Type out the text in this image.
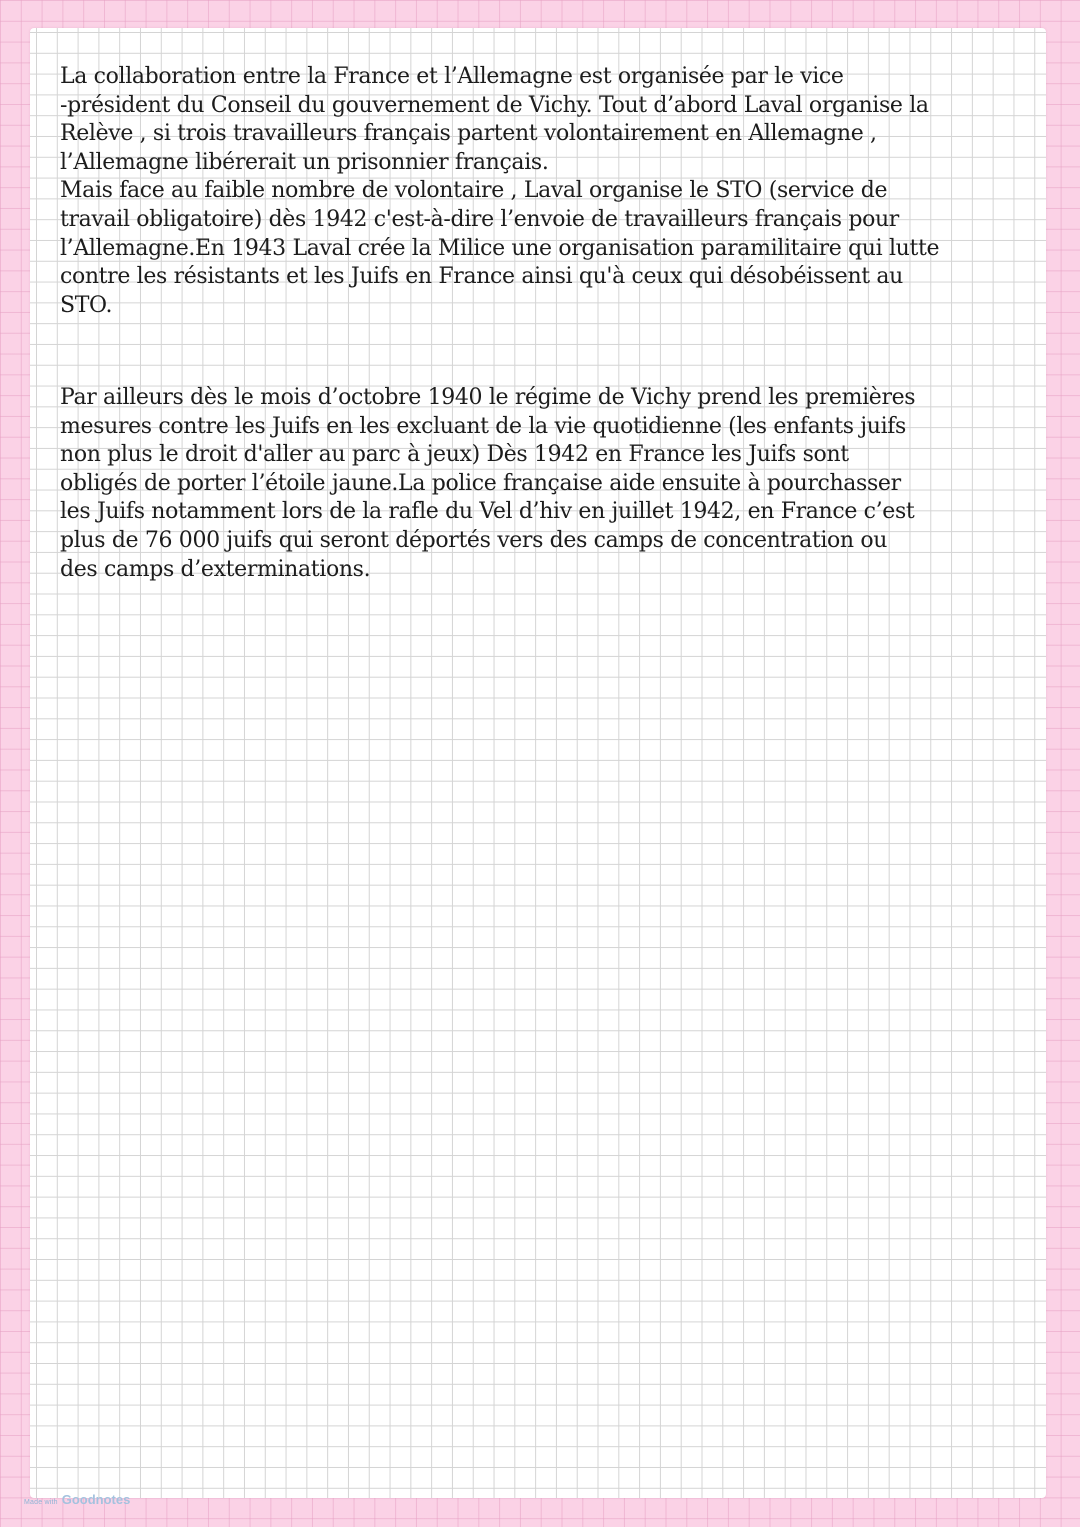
La collaboration entre la France et l’Allemagne est organisée par le vice
-président du Conseil du gouvernement de Vichy. Tout d’abord Laval organise la
Relève , si trois travailleurs français partent volontairement en Allemagne ,
l’Allemagne libérerait un prisonnier français.
Mais face au faible nombre de volontaire , Laval organise le STO (service de
travail obligatoire) dès 1942 c'est-à-dire l’envoie de travailleurs français pour
l’Allemagne.En 1943 Laval crée la Milice une organisation paramilitaire qui lutte
contre les résistants et les Juifs en France ainsi qu'à ceux qui désobéissent au
STO.

Par ailleurs dès le mois d’octobre 1940 le régime de Vichy prend les premières
mesures contre les Juifs en les excluant de la vie quotidienne (les enfants juifs
non plus le droit d'aller au parc à jeux) Dès 1942 en France les Juifs sont
obligés de porter l’étoile jaune.La police française aide ensuite à pourchasser
les Juifs notamment lors de la rafle du Vel d’hiv en juillet 1942, en France c’est
plus de 76 000 juifs qui seront déportés vers des camps de concentration ou
des camps d’exterminations.

Made with Goodnotes
